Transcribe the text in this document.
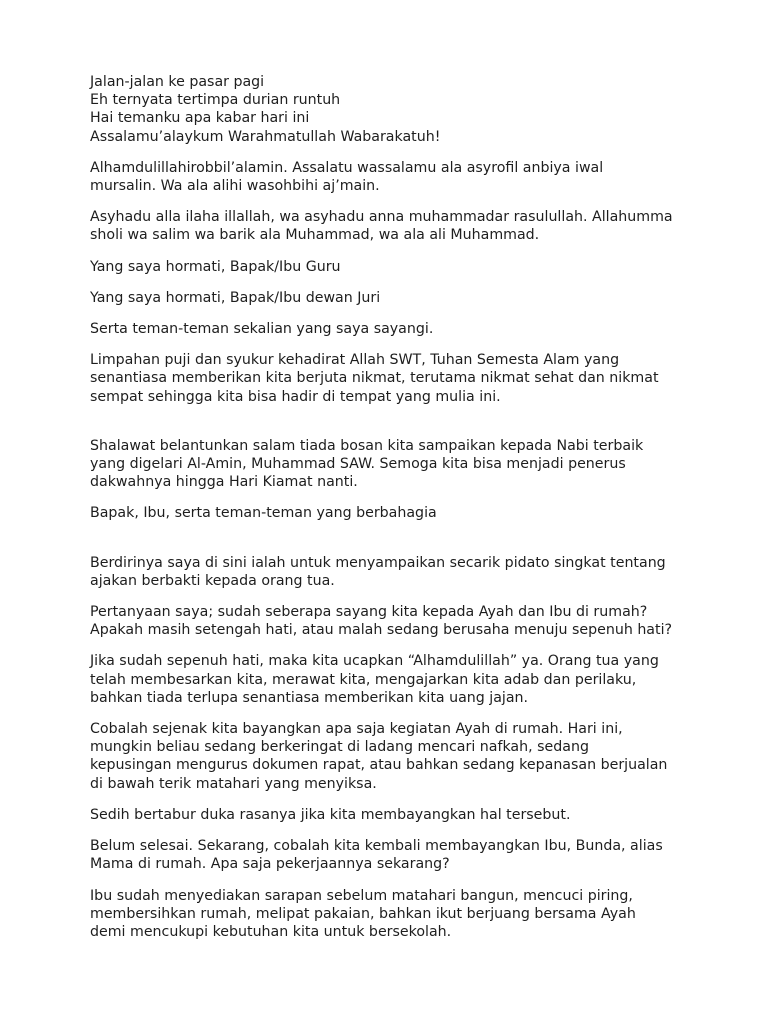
Jalan-jalan ke pasar pagi
Eh ternyata tertimpa durian runtuh
Hai temanku apa kabar hari ini
Assalamu’alaykum Warahmatullah Wabarakatuh!
Alhamdulillahirobbil’alamin. Assalatu wassalamu ala asyrofil anbiya iwal
mursalin. Wa ala alihi wasohbihi aj’main.
Asyhadu alla ilaha illallah, wa asyhadu anna muhammadar rasulullah. Allahumma
sholi wa salim wa barik ala Muhammad, wa ala ali Muhammad.
Yang saya hormati, Bapak/Ibu Guru
Yang saya hormati, Bapak/Ibu dewan Juri
Serta teman-teman sekalian yang saya sayangi.
Limpahan puji dan syukur kehadirat Allah SWT, Tuhan Semesta Alam yang
senantiasa memberikan kita berjuta nikmat, terutama nikmat sehat dan nikmat
sempat sehingga kita bisa hadir di tempat yang mulia ini.
Shalawat belantunkan salam tiada bosan kita sampaikan kepada Nabi terbaik
yang digelari Al-Amin, Muhammad SAW. Semoga kita bisa menjadi penerus
dakwahnya hingga Hari Kiamat nanti.
Bapak, Ibu, serta teman-teman yang berbahagia
Berdirinya saya di sini ialah untuk menyampaikan secarik pidato singkat tentang
ajakan berbakti kepada orang tua.
Pertanyaan saya; sudah seberapa sayang kita kepada Ayah dan Ibu di rumah?
Apakah masih setengah hati, atau malah sedang berusaha menuju sepenuh hati?
Jika sudah sepenuh hati, maka kita ucapkan “Alhamdulillah” ya. Orang tua yang
telah membesarkan kita, merawat kita, mengajarkan kita adab dan perilaku,
bahkan tiada terlupa senantiasa memberikan kita uang jajan.
Cobalah sejenak kita bayangkan apa saja kegiatan Ayah di rumah. Hari ini,
mungkin beliau sedang berkeringat di ladang mencari nafkah, sedang
kepusingan mengurus dokumen rapat, atau bahkan sedang kepanasan berjualan
di bawah terik matahari yang menyiksa.
Sedih bertabur duka rasanya jika kita membayangkan hal tersebut.
Belum selesai. Sekarang, cobalah kita kembali membayangkan Ibu, Bunda, alias
Mama di rumah. Apa saja pekerjaannya sekarang?
Ibu sudah menyediakan sarapan sebelum matahari bangun, mencuci piring,
membersihkan rumah, melipat pakaian, bahkan ikut berjuang bersama Ayah
demi mencukupi kebutuhan kita untuk bersekolah.
